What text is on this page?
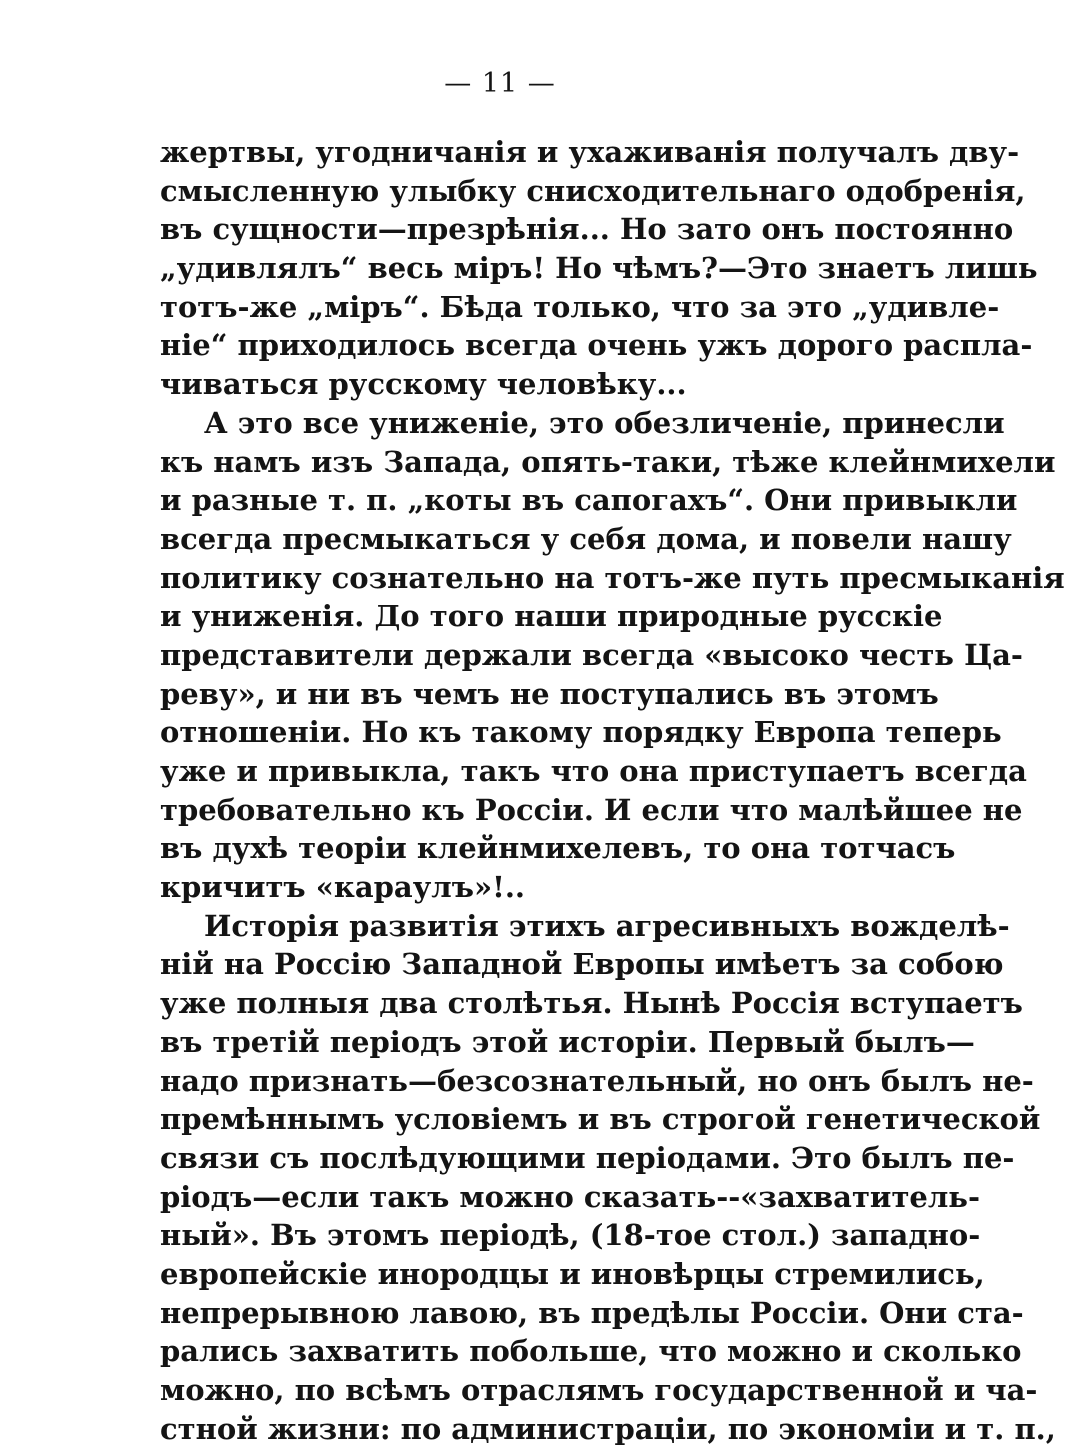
— 11 —
жертвы, угодничанія и ухаживанія получалъ дву-
смысленную улыбку снисходительнаго одобренія,
въ сущности—презрѣнія... Но зато онъ постоянно
„удивлялъ“ весь міръ! Но чѣмъ?—Это знаетъ лишь
тотъ-же „міръ“. Бѣда только, что за это „удивле-
ніе“ приходилось всегда очень ужъ дорого распла-
чиваться русскому человѣку...
А это все униженіе, это обезличеніе, принесли
къ намъ изъ Запада, опять-таки, тѣже клейнмихели
и разные т. п. „коты въ сапогахъ“. Они привыкли
всегда пресмыкаться у себя дома, и повели нашу
политику сознательно на тотъ-же путь пресмыканія
и униженія. До того наши природные русскіе
представители держали всегда «высоко честь Ца-
реву», и ни въ чемъ не поступались въ этомъ
отношеніи. Но къ такому порядку Европа теперь
уже и привыкла, такъ что она приступаетъ всегда
требовательно къ Россіи. И если что малѣйшее не
въ духѣ теоріи клейнмихелевъ, то она тотчасъ
кричитъ «караулъ»!..
Исторія развитія этихъ агресивныхъ вожделѣ-
ній на Россію Западной Европы имѣетъ за собою
уже полныя два столѣтья. Нынѣ Россія вступаетъ
въ третій періодъ этой исторіи. Первый былъ—
надо признать—безсознательный, но онъ былъ не-
премѣннымъ условіемъ и въ строгой генетической
связи съ послѣдующими періодами. Это былъ пе-
ріодъ—если такъ можно сказать--«захватитель-
ный». Въ этомъ періодѣ, (18-тое стол.) западно-
европейскіе инородцы и иновѣрцы стремились,
непрерывною лавою, въ предѣлы Россіи. Они ста-
рались захватить побольше, что можно и сколько
можно, по всѣмъ отраслямъ государственной и ча-
стной жизни: по администраціи, по экономіи и т. п.,
